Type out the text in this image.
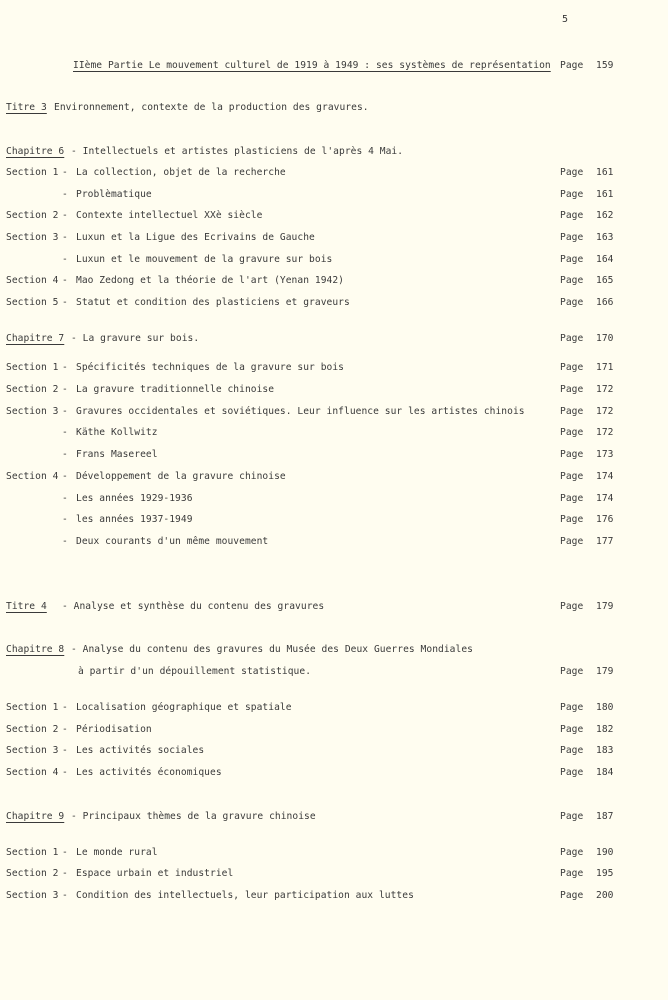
5
IIème Partie Le mouvement culturel de 1919 à 1949 : ses systèmes de représentation Page 159
Titre 3 Environnement, contexte de la production des gravures.
Chapitre 6 - Intellectuels et artistes plasticiens de l'après 4 Mai.
Section 1 - La collection, objet de la recherche	Page 161
- Problèmatique	Page 161
Section 2 - Contexte intellectuel XXè siècle	Page 162
Section 3 - Luxun et la Ligue des Ecrivains de Gauche	Page 163
- Luxun et le mouvement de la gravure sur bois	Page 164
Section 4 - Mao Zedong et la théorie de l'art (Yenan 1942)	Page 165
Section 5 - Statut et condition des plasticiens et graveurs	Page 166
Chapitre 7 - La gravure sur bois.	Page 170
Section 1 - Spécificités techniques de la gravure sur bois	Page 171
Section 2 - La gravure traditionnelle chinoise	Page 172
Section 3 - Gravures occidentales et soviétiques. Leur influence sur les artistes chinois	Page 172
- Käthe Kollwitz	Page 172
- Frans Masereel	Page 173
Section 4 - Développement de la gravure chinoise	Page 174
- Les années 1929-1936	Page 174
- les années 1937-1949	Page 176
- Deux courants d'un même mouvement	Page 177
Titre 4 - Analyse et synthèse du contenu des gravures	Page 179
Chapitre 8 - Analyse du contenu des gravures du Musée des Deux Guerres Mondiales
à partir d'un dépouillement statistique.	Page 179
Section 1 - Localisation géographique et spatiale	Page 180
Section 2 - Périodisation	Page 182
Section 3 - Les activités sociales	Page 183
Section 4 - Les activités économiques	Page 184
Chapitre 9 - Principaux thèmes de la gravure chinoise	Page 187
Section 1 - Le monde rural	Page 190
Section 2 - Espace urbain et industriel	Page 195
Section 3 - Condition des intellectuels, leur participation aux luttes	Page 200
